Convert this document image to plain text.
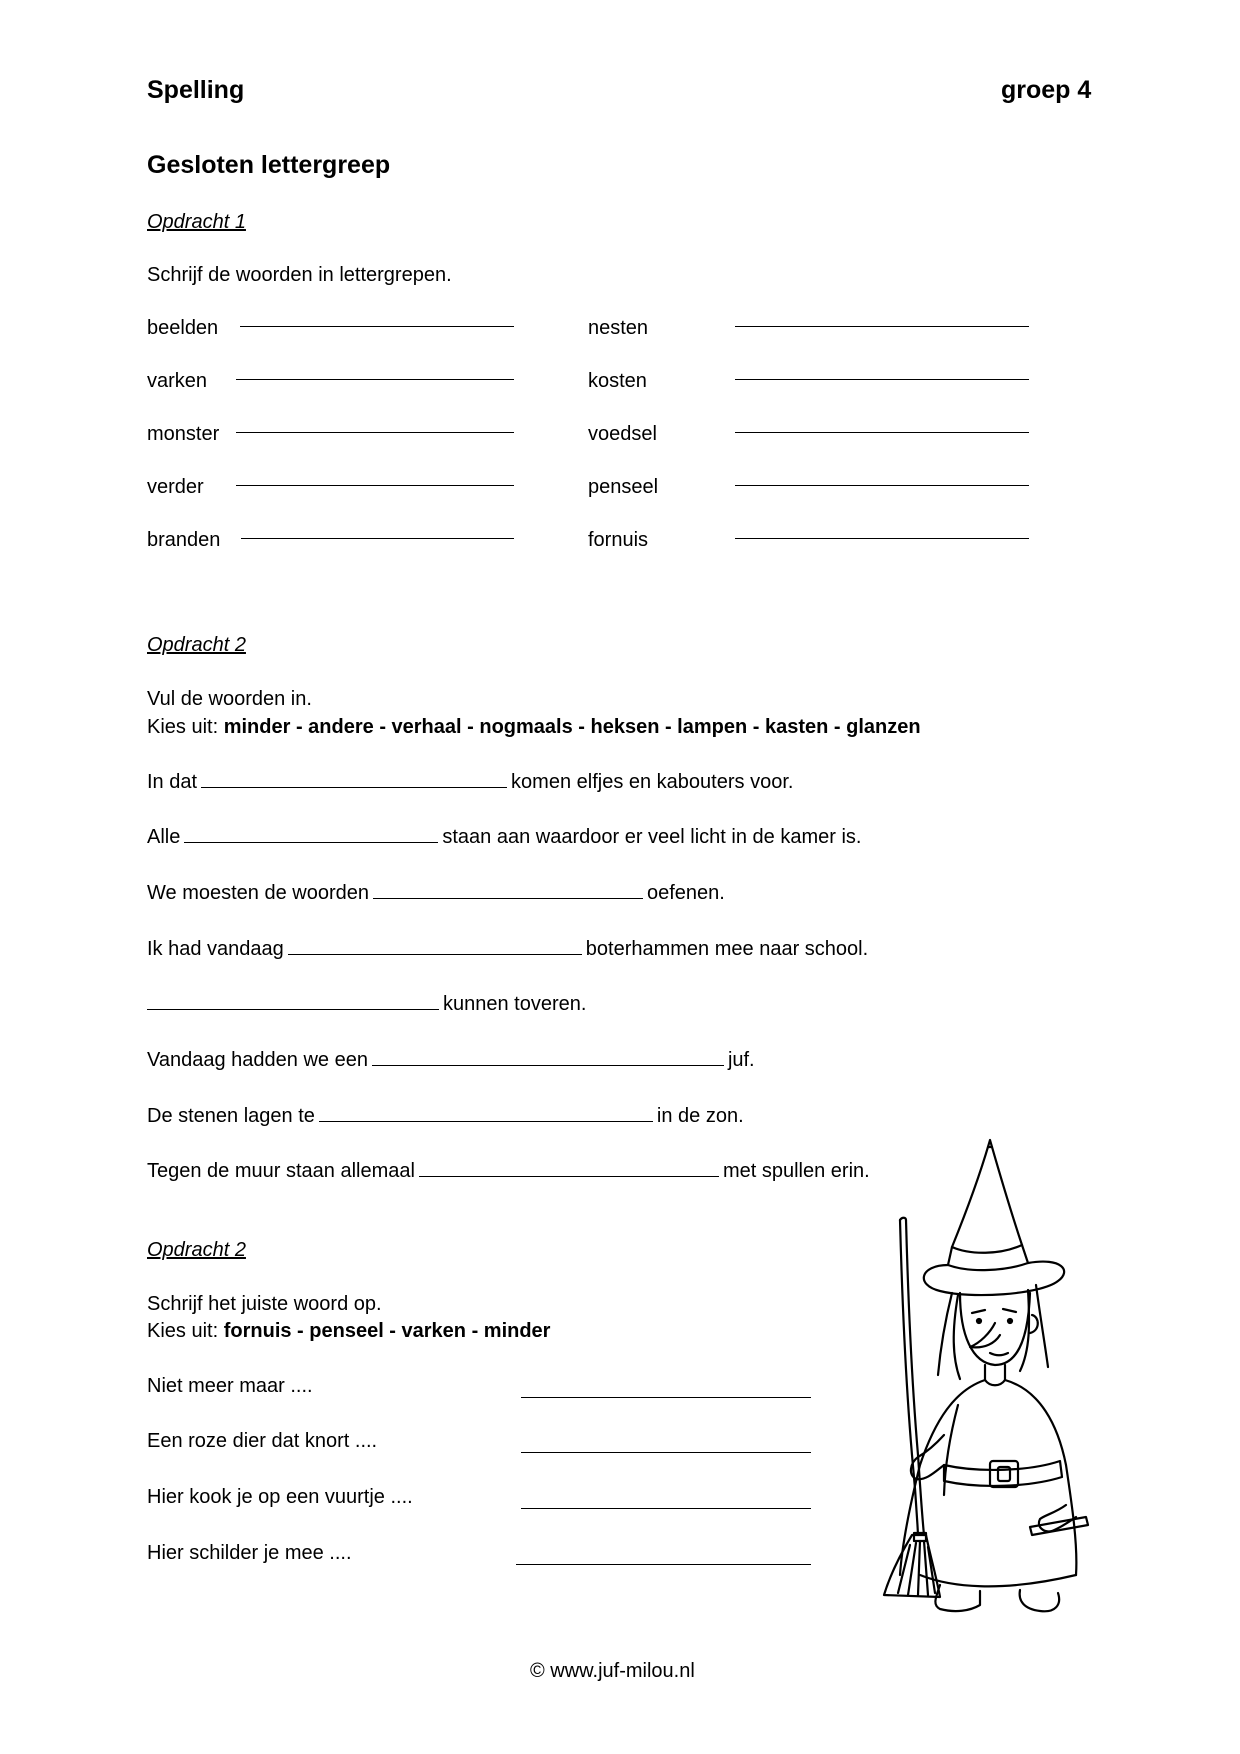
Spelling	groep 4
Gesloten lettergreep
Opdracht 1
Schrijf de woorden in lettergrepen.
beelden	nesten
varken	kosten
monster	voedsel
verder	penseel
branden	fornuis
Opdracht 2
Vul de woorden in.
Kies uit: minder - andere - verhaal - nogmaals - heksen - lampen - kasten - glanzen
In dat	komen elfjes en kabouters voor.
Alle	staan aan waardoor er veel licht in de kamer is.
We moesten de woorden	oefenen.
Ik had vandaag	boterhammen mee naar school.
kunnen toveren.
Vandaag hadden we een	juf.
De stenen lagen te	in de zon.
Tegen de muur staan allemaal	met spullen erin.
Opdracht 2
Schrijf het juiste woord op.
Kies uit: fornuis - penseel - varken - minder
Niet meer maar ....
Een roze dier dat knort ....
Hier kook je op een vuurtje ....
Hier schilder je mee ....
© www.juf-milou.nl
